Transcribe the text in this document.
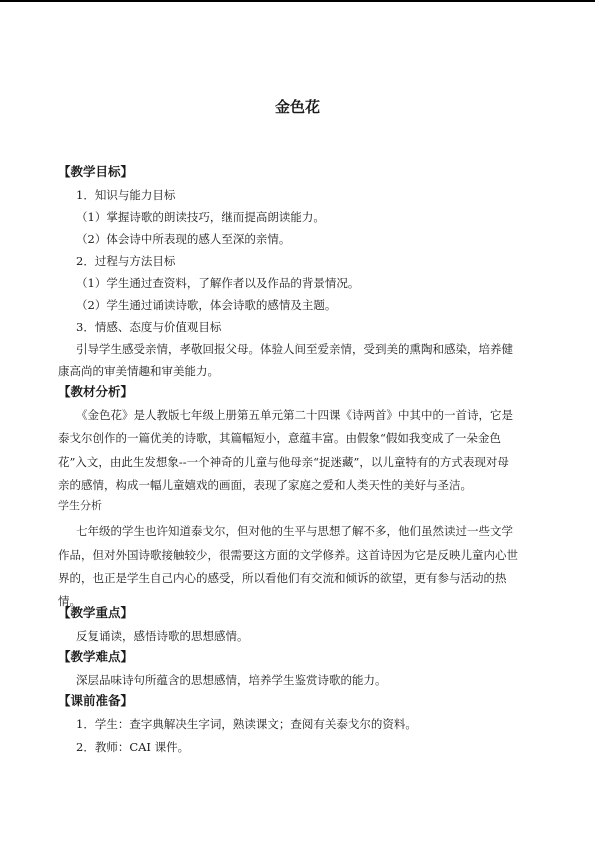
金色花
【教学目标】
1．知识与能力目标
（1）掌握诗歌的朗读技巧，继而提高朗读能力。
（2）体会诗中所表现的感人至深的亲情。
2．过程与方法目标
（1）学生通过查资料，了解作者以及作品的背景情况。
（2）学生通过诵读诗歌，体会诗歌的感情及主题。
3．情感、态度与价值观目标
引导学生感受亲情，孝敬回报父母。体验人间至爱亲情，受到美的熏陶和感染，培养健
康高尚的审美情趣和审美能力。
【教材分析】
《金色花》是人教版七年级上册第五单元第二十四课《诗两首》中其中的一首诗，它是
泰戈尔创作的一篇优美的诗歌，其篇幅短小，意蕴丰富。由假象“假如我变成了一朵金色
花”入文，由此生发想象--一个神奇的儿童与他母亲“捉迷藏”，以儿童特有的方式表现对母
亲的感情，构成一幅儿童嬉戏的画面，表现了家庭之爱和人类天性的美好与圣洁。
学生分析
七年级的学生也许知道泰戈尔，但对他的生平与思想了解不多，他们虽然读过一些文学
作品，但对外国诗歌接触较少，很需要这方面的文学修养。这首诗因为它是反映儿童内心世
界的，也正是学生自己内心的感受，所以看他们有交流和倾诉的欲望，更有参与活动的热
情。
【教学重点】
反复诵读，感悟诗歌的思想感情。
【教学难点】
深层品味诗句所蕴含的思想感情，培养学生鉴赏诗歌的能力。
【课前准备】
1．学生：查字典解决生字词，熟读课文；查阅有关泰戈尔的资料。
2．教师：CAI 课件。
